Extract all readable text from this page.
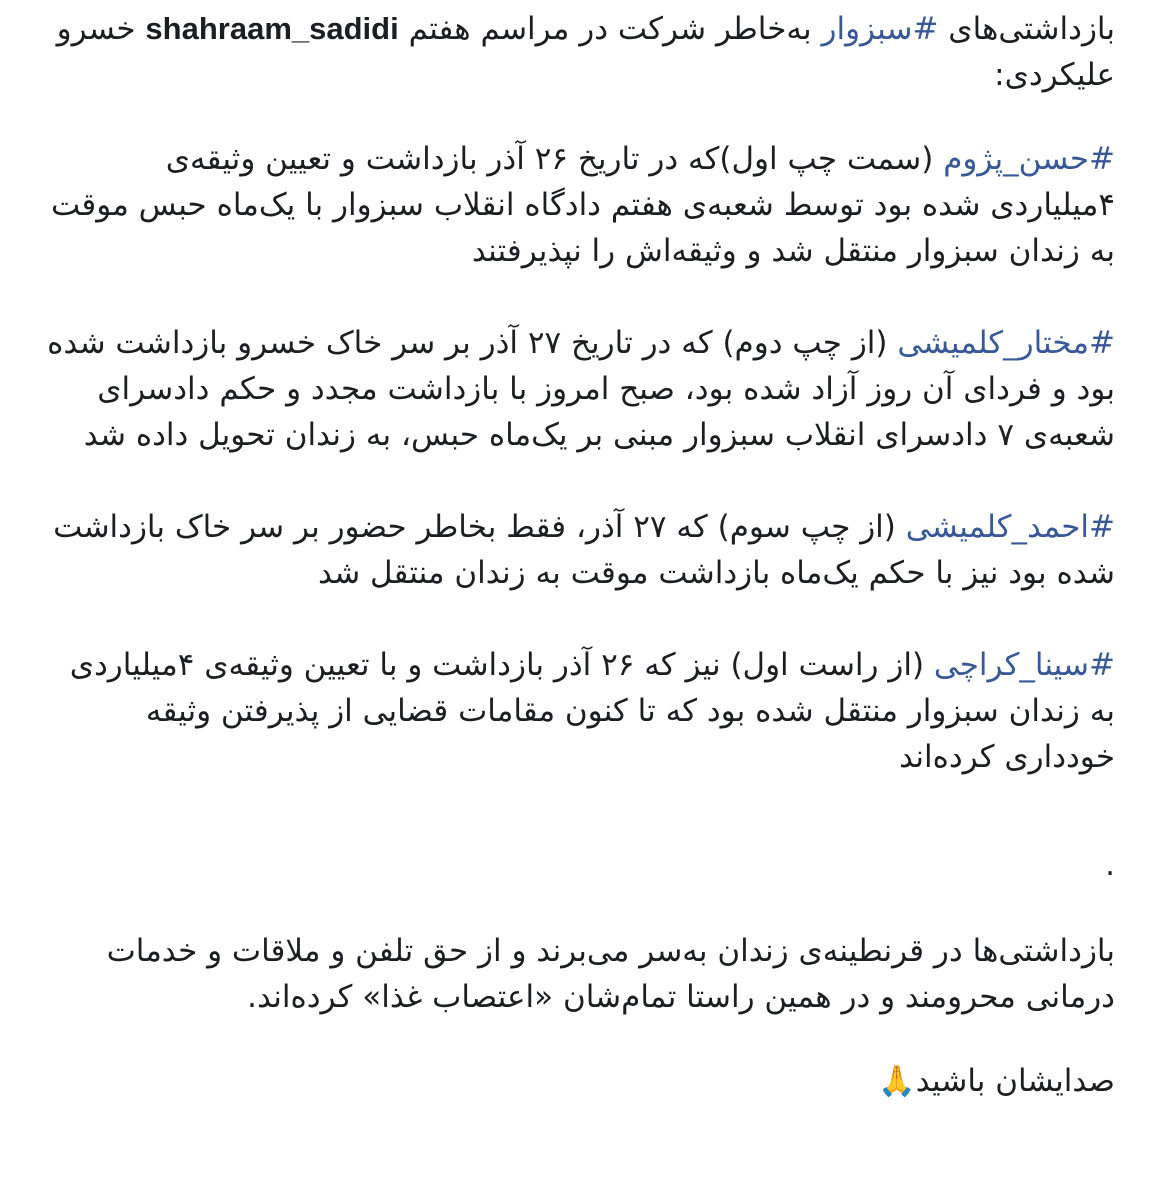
بازداشتی‌های #سبزوار به‌خاطر شرکت در مراسم هفتم shahraam_sadidi خسرو علیکردی:

#حسن_پژوم (سمت چپ اول)که در تاریخ ۲۶ آذر بازداشت و تعیین وثیقه‌ی ۴میلیاردی شده بود توسط شعبه‌ی هفتم دادگاه انقلاب سبزوار با یک‌ماه حبس موقت به زندان سبزوار منتقل شد و وثیقه‌اش را نپذیرفتند

#مختار_کلمیشی (از چپ دوم) که در تاریخ ۲۷ آذر بر سر خاک خسرو بازداشت شده بود و فردای آن روز آزاد شده بود، صبح امروز با بازداشت مجدد و حکم دادسرای شعبه‌ی ۷ دادسرای انقلاب سبزوار مبنی بر یک‌ماه حبس، به زندان تحویل داده شد

#احمد_کلمیشی (از چپ سوم) که ۲۷ آذر، فقط بخاطر حضور بر سر خاک بازداشت شده بود نیز با حکم یک‌ماه بازداشت موقت به زندان منتقل شد

#سینا_کراچی (از راست اول) نیز که ۲۶ آذر بازداشت و با تعیین وثیقه‌ی ۴میلیاردی به زندان سبزوار منتقل شده بود که تا کنون مقامات قضایی از پذیرفتن وثیقه خودداری کرده‌اند

.

بازداشتی‌ها در قرنطینه‌ی زندان به‌سر می‌برند و از حق تلفن و ملاقات و خدمات درمانی محرومند و در همین راستا تمام‌شان «اعتصاب غذا» کرده‌اند.

صدایشان باشید🙏
